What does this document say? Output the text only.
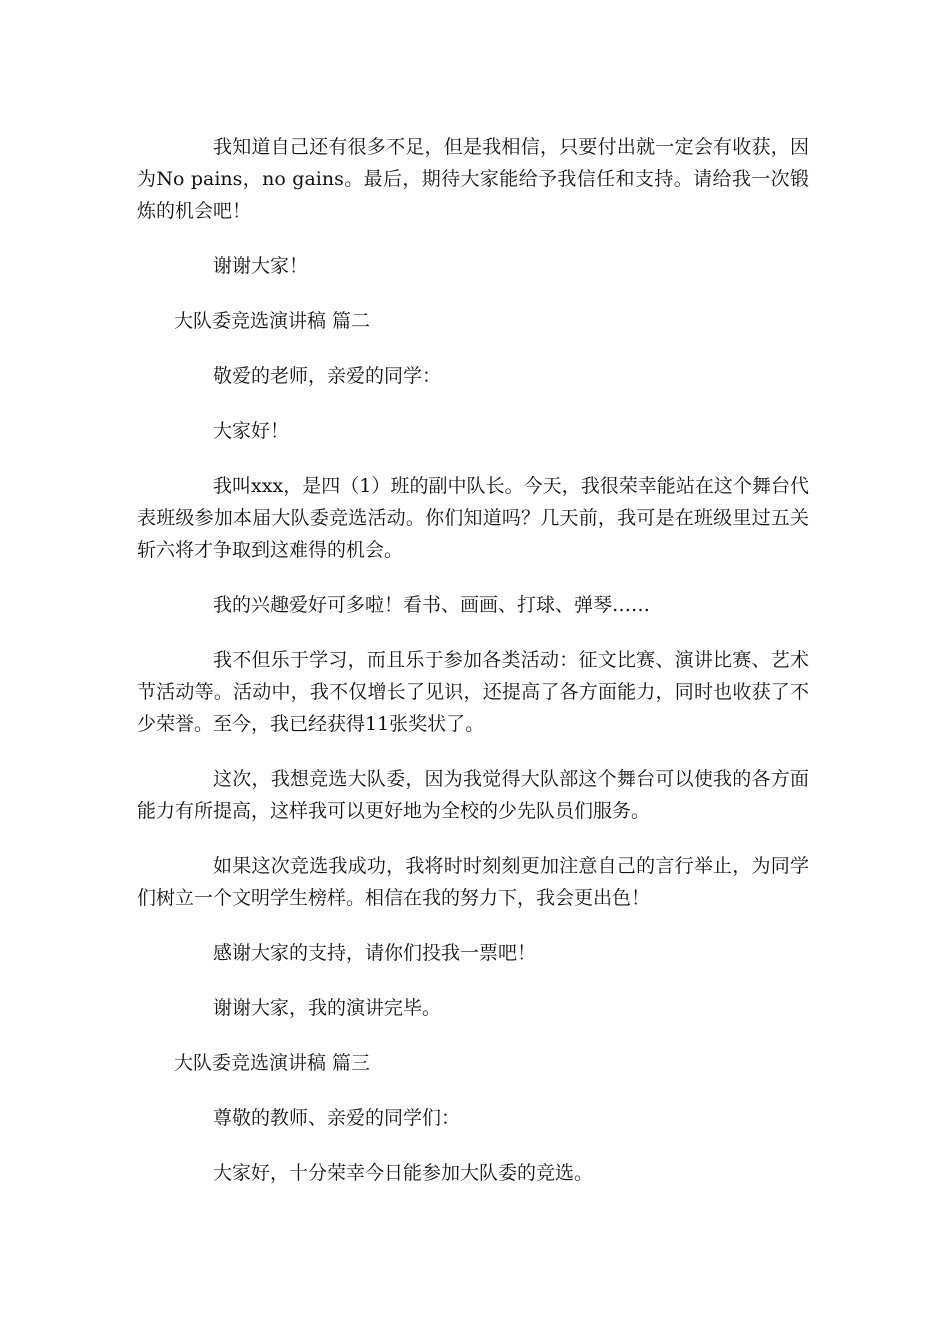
我知道自己还有很多不足，但是我相信，只要付出就一定会有收获，因为No pains，no gains。最后，期待大家能给予我信任和支持。请给我一次锻炼的机会吧！

谢谢大家！

大队委竞选演讲稿 篇二

敬爱的老师，亲爱的同学：

大家好！

我叫xxx，是四（1）班的副中队长。今天，我很荣幸能站在这个舞台代表班级参加本届大队委竞选活动。你们知道吗？几天前，我可是在班级里过五关斩六将才争取到这难得的机会。

我的兴趣爱好可多啦！看书、画画、打球、弹琴……

我不但乐于学习，而且乐于参加各类活动：征文比赛、演讲比赛、艺术节活动等。活动中，我不仅增长了见识，还提高了各方面能力，同时也收获了不少荣誉。至今，我已经获得11张奖状了。

这次，我想竞选大队委，因为我觉得大队部这个舞台可以使我的各方面能力有所提高，这样我可以更好地为全校的少先队员们服务。

如果这次竞选我成功，我将时时刻刻更加注意自己的言行举止，为同学们树立一个文明学生榜样。相信在我的努力下，我会更出色！

感谢大家的支持，请你们投我一票吧！

谢谢大家，我的演讲完毕。

大队委竞选演讲稿 篇三

尊敬的教师、亲爱的同学们：

大家好，十分荣幸今日能参加大队委的竞选。
